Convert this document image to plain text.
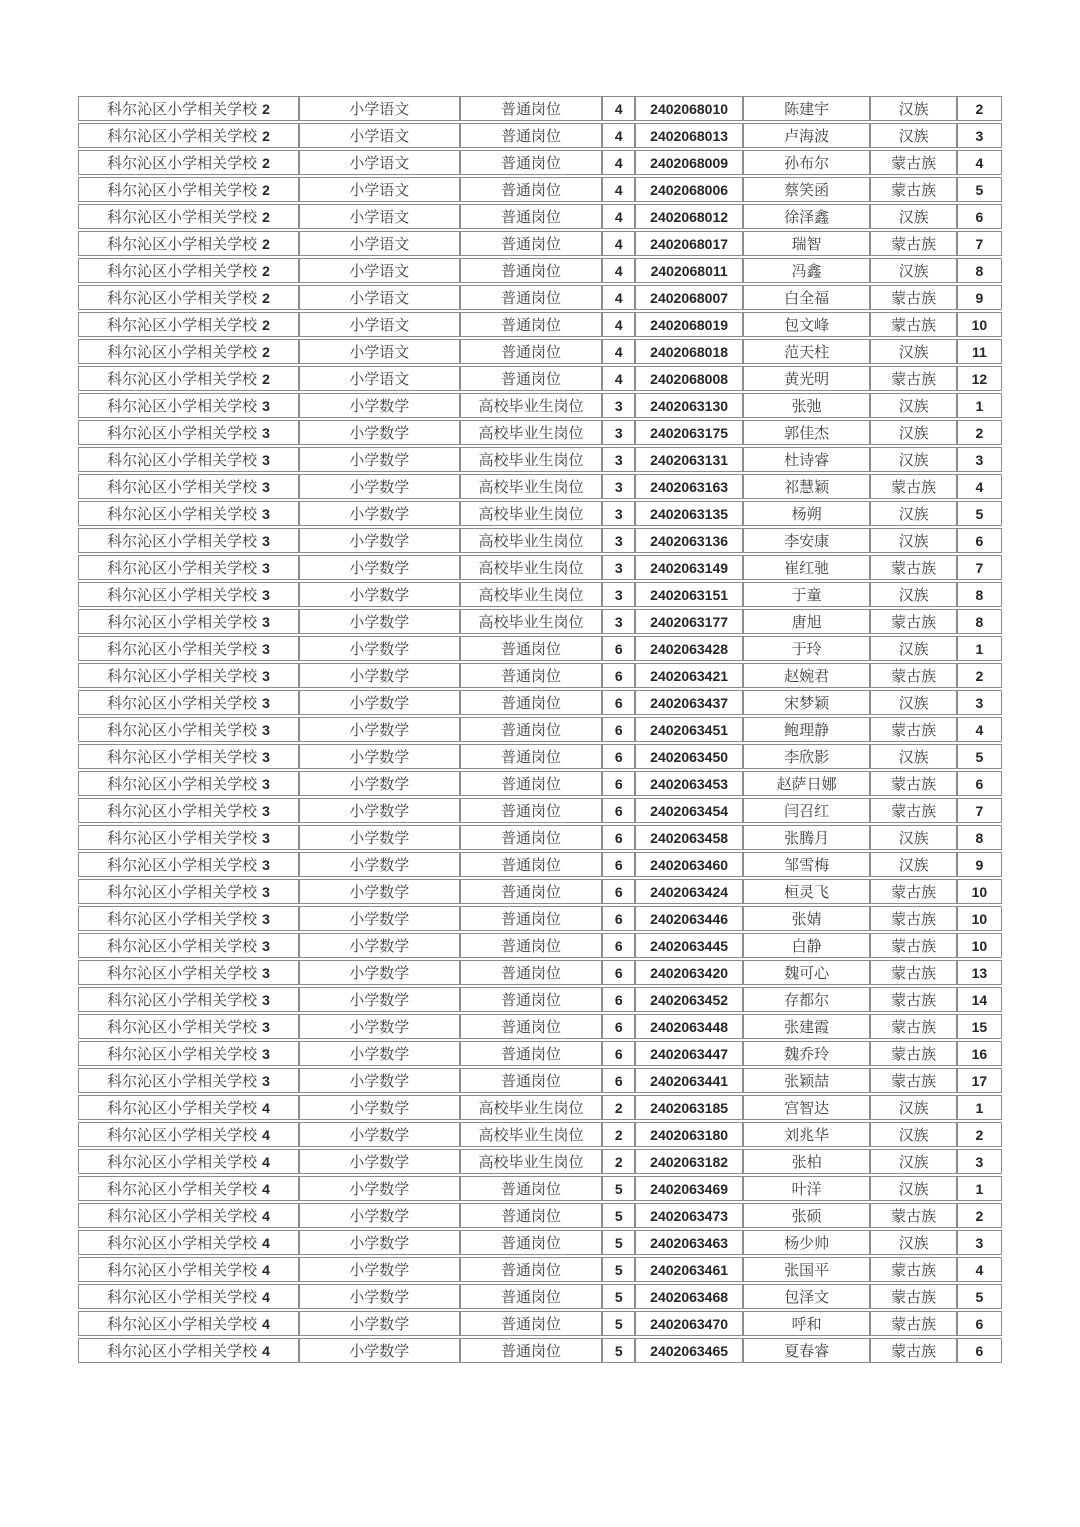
科尔沁区小学相关学校 2	小学语文	普通岗位	4	2402068010	陈建宇	汉族	2
科尔沁区小学相关学校 2	小学语文	普通岗位	4	2402068013	卢海波	汉族	3
科尔沁区小学相关学校 2	小学语文	普通岗位	4	2402068009	孙布尔	蒙古族	4
科尔沁区小学相关学校 2	小学语文	普通岗位	4	2402068006	蔡笑函	蒙古族	5
科尔沁区小学相关学校 2	小学语文	普通岗位	4	2402068012	徐泽鑫	汉族	6
科尔沁区小学相关学校 2	小学语文	普通岗位	4	2402068017	瑞智	蒙古族	7
科尔沁区小学相关学校 2	小学语文	普通岗位	4	2402068011	冯鑫	汉族	8
科尔沁区小学相关学校 2	小学语文	普通岗位	4	2402068007	白全福	蒙古族	9
科尔沁区小学相关学校 2	小学语文	普通岗位	4	2402068019	包文峰	蒙古族	10
科尔沁区小学相关学校 2	小学语文	普通岗位	4	2402068018	范天柱	汉族	11
科尔沁区小学相关学校 2	小学语文	普通岗位	4	2402068008	黄光明	蒙古族	12
科尔沁区小学相关学校 3	小学数学	高校毕业生岗位	3	2402063130	张弛	汉族	1
科尔沁区小学相关学校 3	小学数学	高校毕业生岗位	3	2402063175	郭佳杰	汉族	2
科尔沁区小学相关学校 3	小学数学	高校毕业生岗位	3	2402063131	杜诗睿	汉族	3
科尔沁区小学相关学校 3	小学数学	高校毕业生岗位	3	2402063163	祁慧颖	蒙古族	4
科尔沁区小学相关学校 3	小学数学	高校毕业生岗位	3	2402063135	杨朔	汉族	5
科尔沁区小学相关学校 3	小学数学	高校毕业生岗位	3	2402063136	李安康	汉族	6
科尔沁区小学相关学校 3	小学数学	高校毕业生岗位	3	2402063149	崔红驰	蒙古族	7
科尔沁区小学相关学校 3	小学数学	高校毕业生岗位	3	2402063151	于童	汉族	8
科尔沁区小学相关学校 3	小学数学	高校毕业生岗位	3	2402063177	唐旭	蒙古族	8
科尔沁区小学相关学校 3	小学数学	普通岗位	6	2402063428	于玲	汉族	1
科尔沁区小学相关学校 3	小学数学	普通岗位	6	2402063421	赵婉君	蒙古族	2
科尔沁区小学相关学校 3	小学数学	普通岗位	6	2402063437	宋梦颖	汉族	3
科尔沁区小学相关学校 3	小学数学	普通岗位	6	2402063451	鲍理静	蒙古族	4
科尔沁区小学相关学校 3	小学数学	普通岗位	6	2402063450	李欣影	汉族	5
科尔沁区小学相关学校 3	小学数学	普通岗位	6	2402063453	赵萨日娜	蒙古族	6
科尔沁区小学相关学校 3	小学数学	普通岗位	6	2402063454	闫召红	蒙古族	7
科尔沁区小学相关学校 3	小学数学	普通岗位	6	2402063458	张腾月	汉族	8
科尔沁区小学相关学校 3	小学数学	普通岗位	6	2402063460	邹雪梅	汉族	9
科尔沁区小学相关学校 3	小学数学	普通岗位	6	2402063424	桓灵飞	蒙古族	10
科尔沁区小学相关学校 3	小学数学	普通岗位	6	2402063446	张婧	蒙古族	10
科尔沁区小学相关学校 3	小学数学	普通岗位	6	2402063445	白静	蒙古族	10
科尔沁区小学相关学校 3	小学数学	普通岗位	6	2402063420	魏可心	蒙古族	13
科尔沁区小学相关学校 3	小学数学	普通岗位	6	2402063452	存都尔	蒙古族	14
科尔沁区小学相关学校 3	小学数学	普通岗位	6	2402063448	张建霞	蒙古族	15
科尔沁区小学相关学校 3	小学数学	普通岗位	6	2402063447	魏乔玲	蒙古族	16
科尔沁区小学相关学校 3	小学数学	普通岗位	6	2402063441	张颖喆	蒙古族	17
科尔沁区小学相关学校 4	小学数学	高校毕业生岗位	2	2402063185	宫智达	汉族	1
科尔沁区小学相关学校 4	小学数学	高校毕业生岗位	2	2402063180	刘兆华	汉族	2
科尔沁区小学相关学校 4	小学数学	高校毕业生岗位	2	2402063182	张柏	汉族	3
科尔沁区小学相关学校 4	小学数学	普通岗位	5	2402063469	叶洋	汉族	1
科尔沁区小学相关学校 4	小学数学	普通岗位	5	2402063473	张硕	蒙古族	2
科尔沁区小学相关学校 4	小学数学	普通岗位	5	2402063463	杨少帅	汉族	3
科尔沁区小学相关学校 4	小学数学	普通岗位	5	2402063461	张国平	蒙古族	4
科尔沁区小学相关学校 4	小学数学	普通岗位	5	2402063468	包泽文	蒙古族	5
科尔沁区小学相关学校 4	小学数学	普通岗位	5	2402063470	呼和	蒙古族	6
科尔沁区小学相关学校 4	小学数学	普通岗位	5	2402063465	夏春睿	蒙古族	6
